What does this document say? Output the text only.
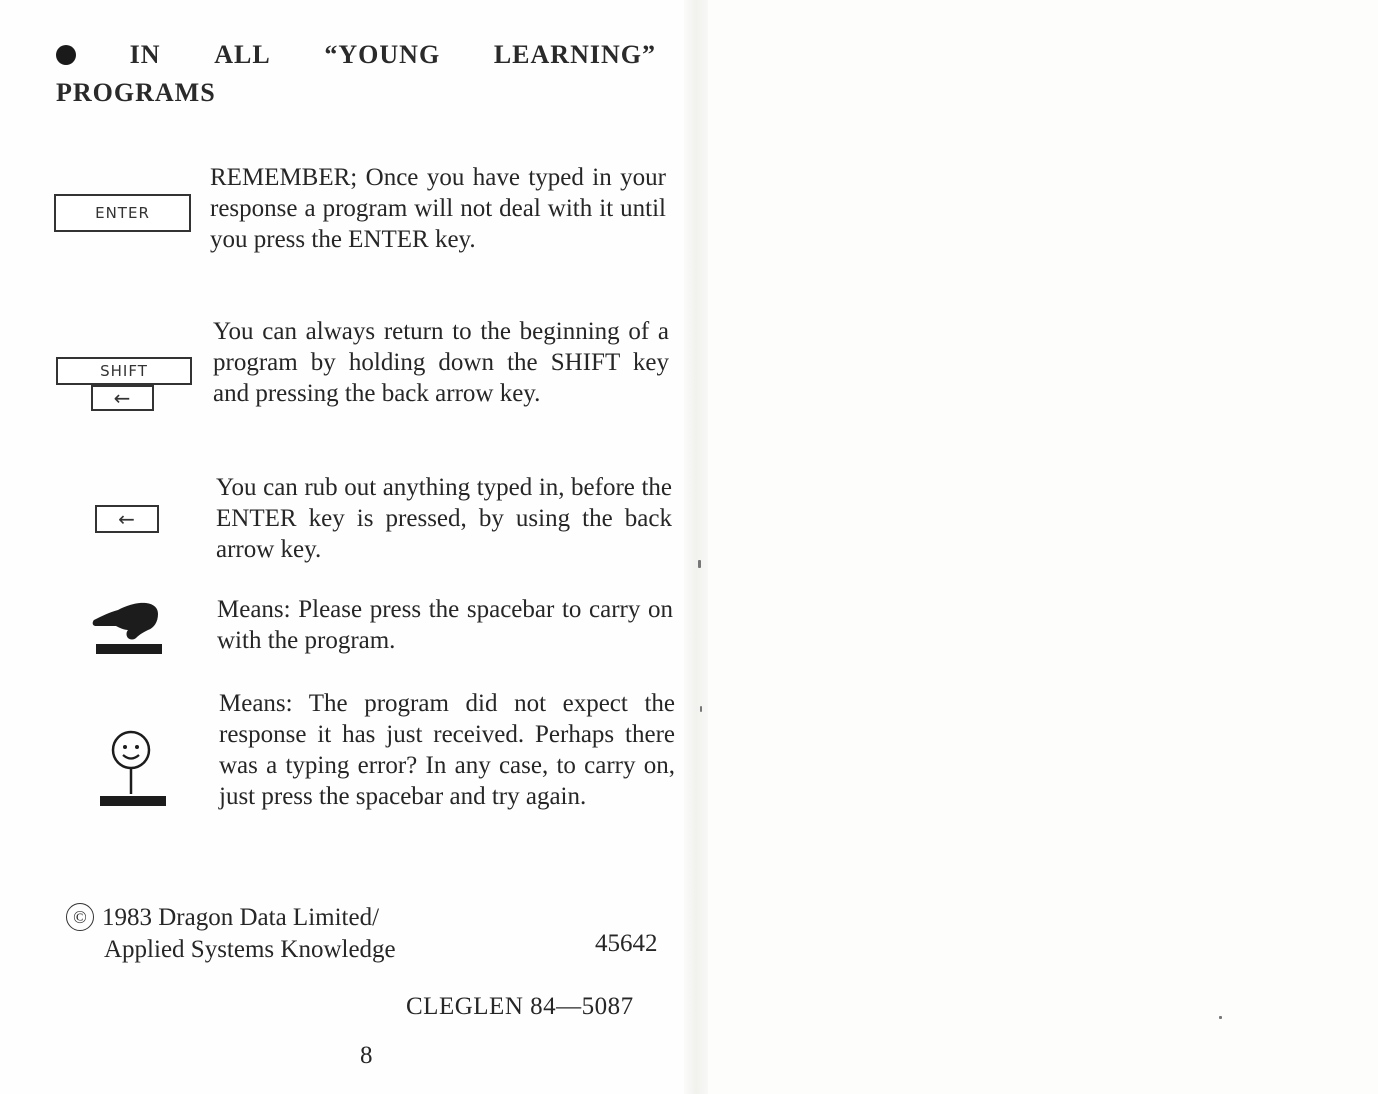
IN ALL “YOUNG LEARNING”
PROGRAMS
ENTER
REMEMBER; Once you have typed in your response a program will not deal with it until you press the ENTER key.
SHIFT
←
You can always return to the beginning of a program by holding down the SHIFT key and pressing the back arrow key.
←
You can rub out anything typed in, before the ENTER key is pressed, by using the back arrow key.
Means: Please press the spacebar to carry on with the program.
Means: The program did not expect the response it has just received. Perhaps there was a typing error? In any case, to carry on, just press the spacebar and try again.
© 1983 Dragon Data Limited/
Applied Systems Knowledge	45642
CLEGLEN 84—5087
8
